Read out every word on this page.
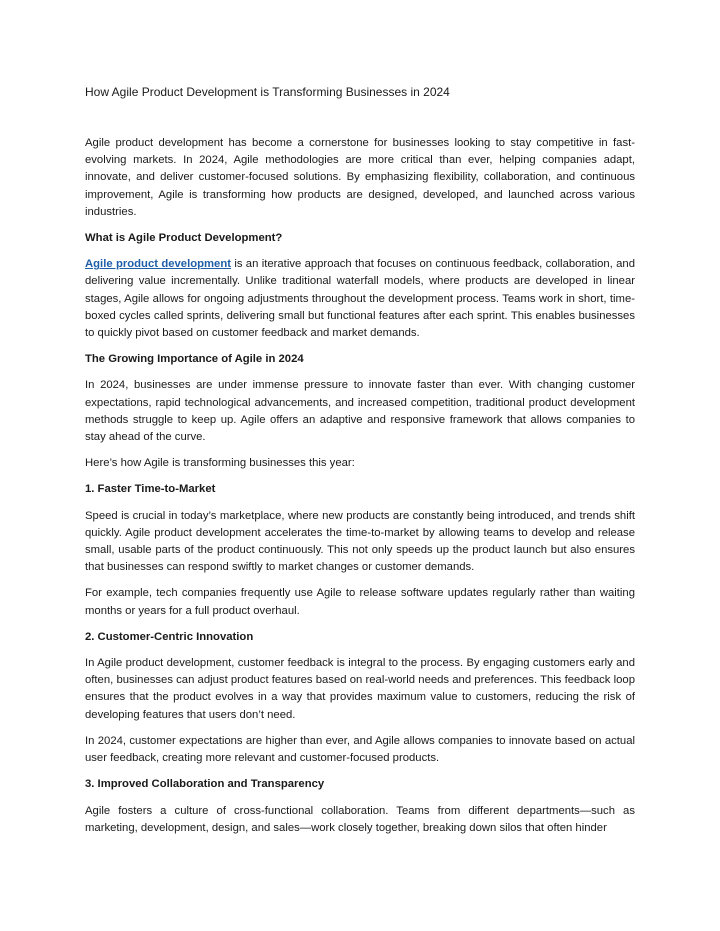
How Agile Product Development is Transforming Businesses in 2024

Agile product development has become a cornerstone for businesses looking to stay competitive in fast-evolving markets. In 2024, Agile methodologies are more critical than ever, helping companies adapt, innovate, and deliver customer-focused solutions. By emphasizing flexibility, collaboration, and continuous improvement, Agile is transforming how products are designed, developed, and launched across various industries.

What is Agile Product Development?

Agile product development is an iterative approach that focuses on continuous feedback, collaboration, and delivering value incrementally. Unlike traditional waterfall models, where products are developed in linear stages, Agile allows for ongoing adjustments throughout the development process. Teams work in short, time-boxed cycles called sprints, delivering small but functional features after each sprint. This enables businesses to quickly pivot based on customer feedback and market demands.

The Growing Importance of Agile in 2024

In 2024, businesses are under immense pressure to innovate faster than ever. With changing customer expectations, rapid technological advancements, and increased competition, traditional product development methods struggle to keep up. Agile offers an adaptive and responsive framework that allows companies to stay ahead of the curve.

Here’s how Agile is transforming businesses this year:

1. Faster Time-to-Market

Speed is crucial in today’s marketplace, where new products are constantly being introduced, and trends shift quickly. Agile product development accelerates the time-to-market by allowing teams to develop and release small, usable parts of the product continuously. This not only speeds up the product launch but also ensures that businesses can respond swiftly to market changes or customer demands.

For example, tech companies frequently use Agile to release software updates regularly rather than waiting months or years for a full product overhaul.

2. Customer-Centric Innovation

In Agile product development, customer feedback is integral to the process. By engaging customers early and often, businesses can adjust product features based on real-world needs and preferences. This feedback loop ensures that the product evolves in a way that provides maximum value to customers, reducing the risk of developing features that users don’t need.

In 2024, customer expectations are higher than ever, and Agile allows companies to innovate based on actual user feedback, creating more relevant and customer-focused products.

3. Improved Collaboration and Transparency

Agile fosters a culture of cross-functional collaboration. Teams from different departments—such as marketing, development, design, and sales—work closely together, breaking down silos that often hinder
